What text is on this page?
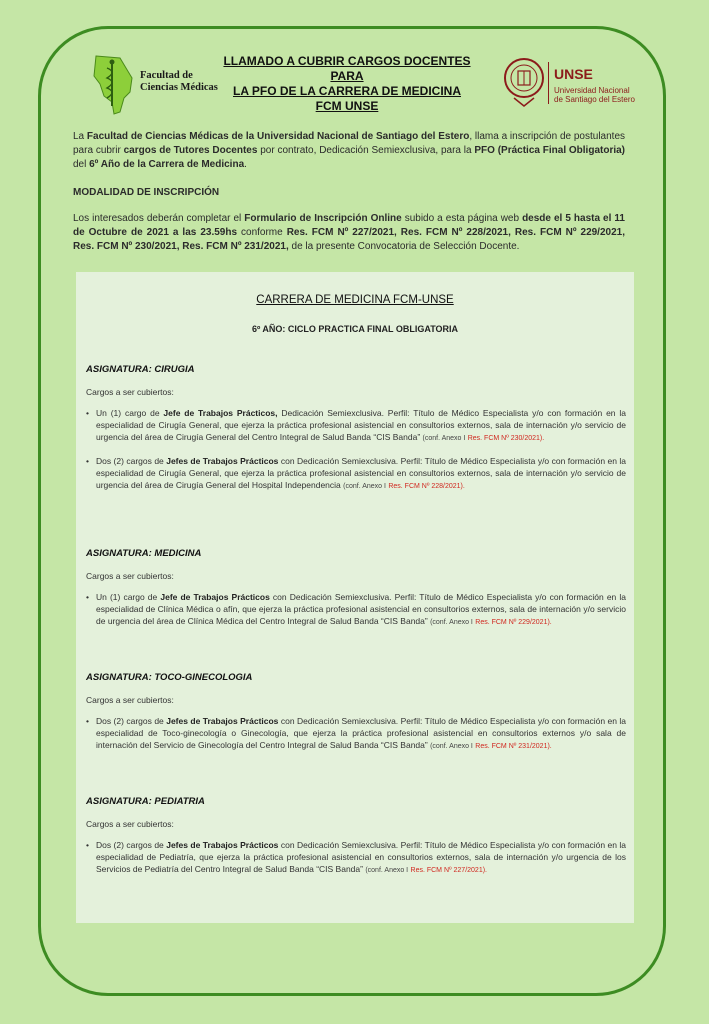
Facultad de
Ciencias Médicas
LLAMADO A CUBRIR CARGOS DOCENTES PARA
LA PFO DE LA CARRERA DE MEDICINA
FCM UNSE
UNSE
Universidad Nacional
de Santiago del Estero

La Facultad de Ciencias Médicas de la Universidad Nacional de Santiago del Estero, llama a inscripción de postulantes para cubrir cargos de Tutores Docentes por contrato, Dedicación Semiexclusiva, para la PFO (Práctica Final Obligatoria) del 6º Año de la Carrera de Medicina.

MODALIDAD DE INSCRIPCIÓN

Los interesados deberán completar el Formulario de Inscripción Online subido a esta página web desde el 5 hasta el 11 de Octubre de 2021 a las 23.59hs conforme Res. FCM Nº 227/2021, Res. FCM Nº 228/2021, Res. FCM Nº 229/2021, Res. FCM Nº 230/2021, Res. FCM Nº 231/2021, de la presente Convocatoria de Selección Docente.

CARRERA DE MEDICINA FCM-UNSE
6º AÑO: CICLO PRACTICA FINAL OBLIGATORIA

ASIGNATURA: CIRUGIA

Cargos a ser cubiertos:

• Un (1) cargo de Jefe de Trabajos Prácticos, Dedicación Semiexclusiva. Perfil: Título de Médico Especialista y/o con formación en la especialidad de Cirugía General, que ejerza la práctica profesional asistencial en consultorios externos, sala de internación y/o servicio de urgencia del área de Cirugía General del Centro Integral de Salud Banda “CIS Banda” (conf. Anexo I Res. FCM Nº 230/2021).
• Dos (2) cargos de Jefes de Trabajos Prácticos con Dedicación Semiexclusiva. Perfil: Título de Médico Especialista y/o con formación en la especialidad de Cirugía General, que ejerza la práctica profesional asistencial en consultorios externos, sala de internación y/o servicio de urgencia del área de Cirugía General del Hospital Independencia (conf. Anexo I Res. FCM Nº 228/2021).

ASIGNATURA: MEDICINA

Cargos a ser cubiertos:

• Un (1) cargo de Jefe de Trabajos Prácticos con Dedicación Semiexclusiva. Perfil: Título de Médico Especialista y/o con formación en la especialidad de Clínica Médica o afín, que ejerza la práctica profesional asistencial en consultorios externos, sala de internación y/o servicio de urgencia del área de Clínica Médica del Centro Integral de Salud Banda “CIS Banda” (conf. Anexo I Res. FCM Nº 229/2021).

ASIGNATURA: TOCO-GINECOLOGIA

Cargos a ser cubiertos:

• Dos (2) cargos de Jefes de Trabajos Prácticos con Dedicación Semiexclusiva. Perfil: Título de Médico Especialista y/o con formación en la especialidad de Toco-ginecología o Ginecología, que ejerza la práctica profesional asistencial en consultorios externos y/o sala de internación del Servicio de Ginecología del Centro Integral de Salud Banda “CIS Banda” (conf. Anexo I Res. FCM Nº 231/2021).

ASIGNATURA: PEDIATRIA

Cargos a ser cubiertos:

• Dos (2) cargos de Jefes de Trabajos Prácticos con Dedicación Semiexclusiva. Perfil: Título de Médico Especialista y/o con formación en la especialidad de Pediatría, que ejerza la práctica profesional asistencial en consultorios externos, sala de internación y/o urgencia de los Servicios de Pediatría del Centro Integral de Salud Banda “CIS Banda” (conf. Anexo I Res. FCM Nº 227/2021).
